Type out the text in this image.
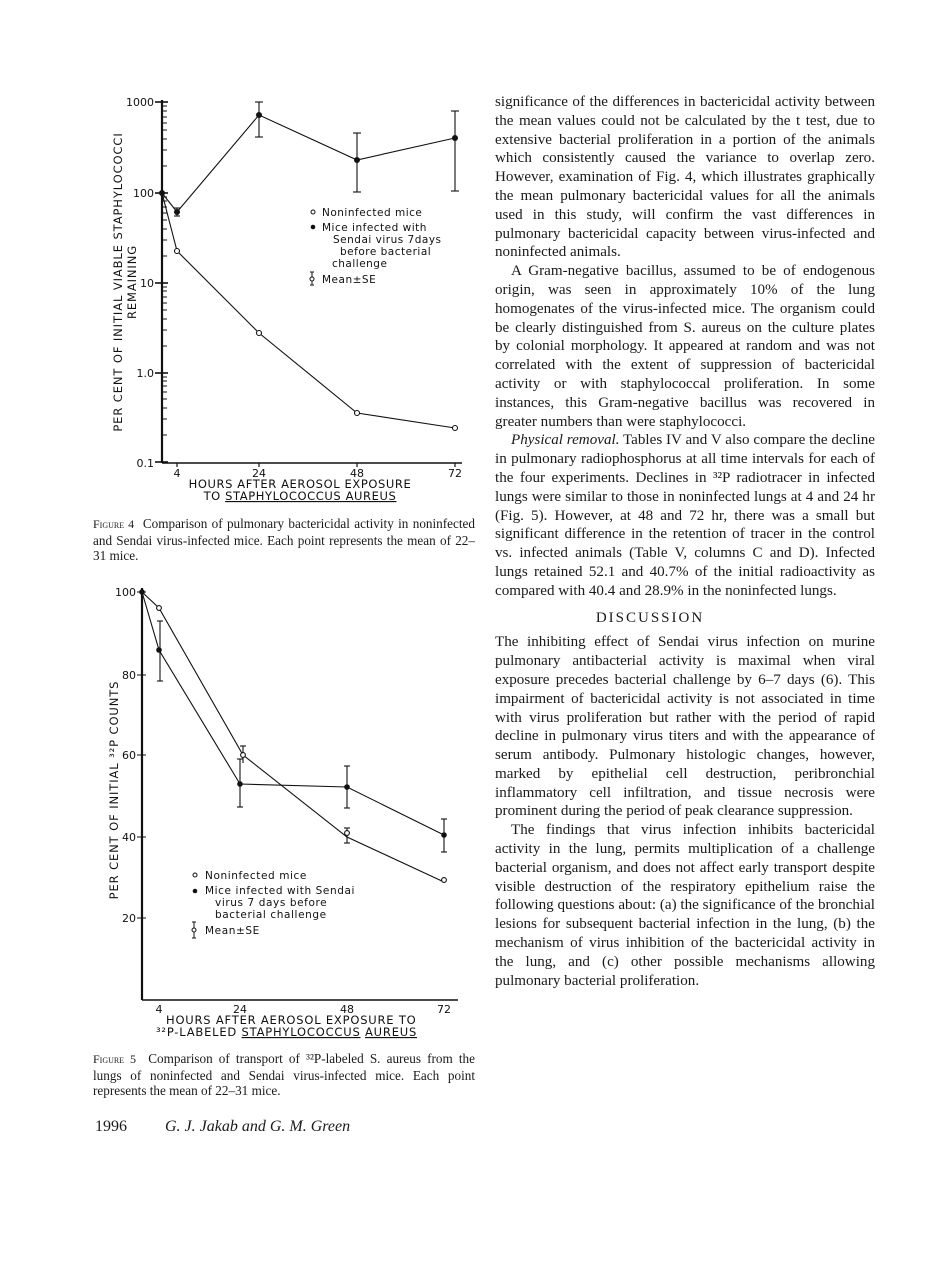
1000
100
10
1.0
0.1
4	24	48	72
HOURS AFTER AEROSOL EXPOSURE
TO STAPHYLOCOCCUS AUREUS
PER CENT OF INITIAL VIABLE STAPHYLOCOCCI REMAINING
Noninfected mice
Mice infected with
Sendai virus 7days
before bacterial
challenge
Mean±SE
100
80
60
40
20
4	24	48	72
HOURS AFTER AEROSOL EXPOSURE TO
³²P-LABELED STAPHYLOCOCCUS AUREUS
PER CENT OF INITIAL ³²P COUNTS	Noninfected mice
Mice infected with Sendai
virus 7 days before
bacterial challenge
Mean±SE
Figure 4 Comparison of pulmonary bactericidal activity in noninfected and Sendai virus-infected mice. Each point represents the mean of 22–31 mice.
Figure 5 Comparison of transport of ³²P-labeled S. aureus from the lungs of noninfected and Sendai virus-infected mice. Each point represents the mean of 22–31 mice.

significance of the differences in bactericidal activity between the mean values could not be calculated by the t test, due to extensive bacterial proliferation in a portion of the animals which consistently caused the variance to overlap zero. However, examination of Fig. 4, which illustrates graphically the mean pulmonary bactericidal values for all the animals used in this study, will confirm the vast differences in pulmonary bactericidal capacity between virus-infected and noninfected animals.

A Gram-negative bacillus, assumed to be of endogenous origin, was seen in approximately 10% of the lung homogenates of the virus-infected mice. The organism could be clearly distinguished from S. aureus on the culture plates by colonial morphology. It appeared at random and was not correlated with the extent of suppression of bactericidal activity or with staphylococcal proliferation. In some instances, this Gram-negative bacillus was recovered in greater numbers than were staphylococci.

Physical removal. Tables IV and V also compare the decline in pulmonary radiophosphorus at all time intervals for each of the four experiments. Declines in ³²P radiotracer in infected lungs were similar to those in noninfected lungs at 4 and 24 hr (Fig. 5). However, at 48 and 72 hr, there was a small but significant difference in the retention of tracer in the control vs. infected animals (Table V, columns C and D). Infected lungs retained 52.1 and 40.7% of the initial radioactivity as compared with 40.4 and 28.9% in the noninfected lungs.

DISCUSSION

The inhibiting effect of Sendai virus infection on murine pulmonary antibacterial activity is maximal when viral exposure precedes bacterial challenge by 6–7 days (6). This impairment of bactericidal activity is not associated in time with virus proliferation but rather with the period of rapid decline in pulmonary virus titers and with the appearance of serum antibody. Pulmonary histologic changes, however, marked by epithelial cell destruction, peribronchial inflammatory cell infiltration, and tissue necrosis were prominent during the period of peak clearance suppression.

The findings that virus infection inhibits bactericidal activity in the lung, permits multiplication of a challenge bacterial organism, and does not affect early transport despite visible destruction of the respiratory epithelium raise the following questions about: (a) the significance of the bronchial lesions for subsequent bacterial infection in the lung, (b) the mechanism of virus inhibition of the bactericidal activity in the lung, and (c) other possible mechanisms allowing pulmonary bacterial proliferation.

1996 G. J. Jakab and G. M. Green
